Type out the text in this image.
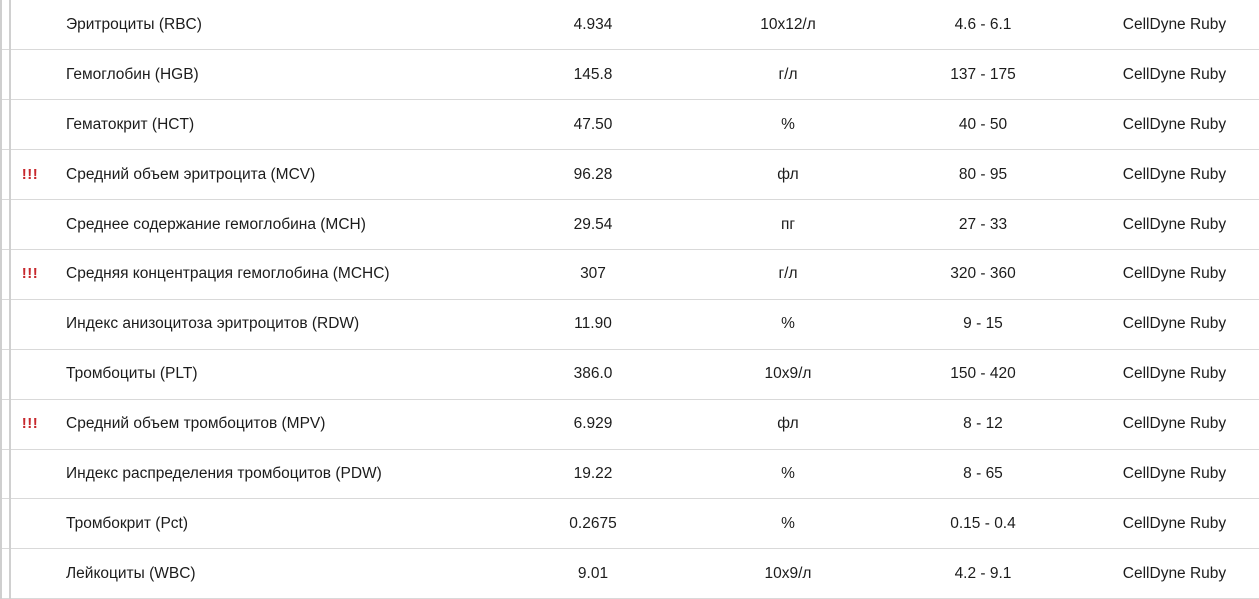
	Эритроциты (RBC)	4.934	10x12/л	4.6 - 6.1	CellDyne Ruby
	Гемоглобин (HGB)	145.8	г/л	137 - 175	CellDyne Ruby
	Гематокрит (HCT)	47.50	%	40 - 50	CellDyne Ruby
!!!	Средний объем эритроцита (MCV)	96.28	фл	80 - 95	CellDyne Ruby
	Среднее содержание гемоглобина (MCH)	29.54	пг	27 - 33	CellDyne Ruby
!!!	Средняя концентрация гемоглобина (MCHC)	307	г/л	320 - 360	CellDyne Ruby
	Индекс анизоцитоза эритроцитов (RDW)	11.90	%	9 - 15	CellDyne Ruby
	Тромбоциты (PLT)	386.0	10x9/л	150 - 420	CellDyne Ruby
!!!	Средний объем тромбоцитов (MPV)	6.929	фл	8 - 12	CellDyne Ruby
	Индекс распределения тромбоцитов (PDW)	19.22	%	8 - 65	CellDyne Ruby
	Тромбокрит (Pct)	0.2675	%	0.15 - 0.4	CellDyne Ruby
	Лейкоциты (WBC)	9.01	10x9/л	4.2 - 9.1	CellDyne Ruby
